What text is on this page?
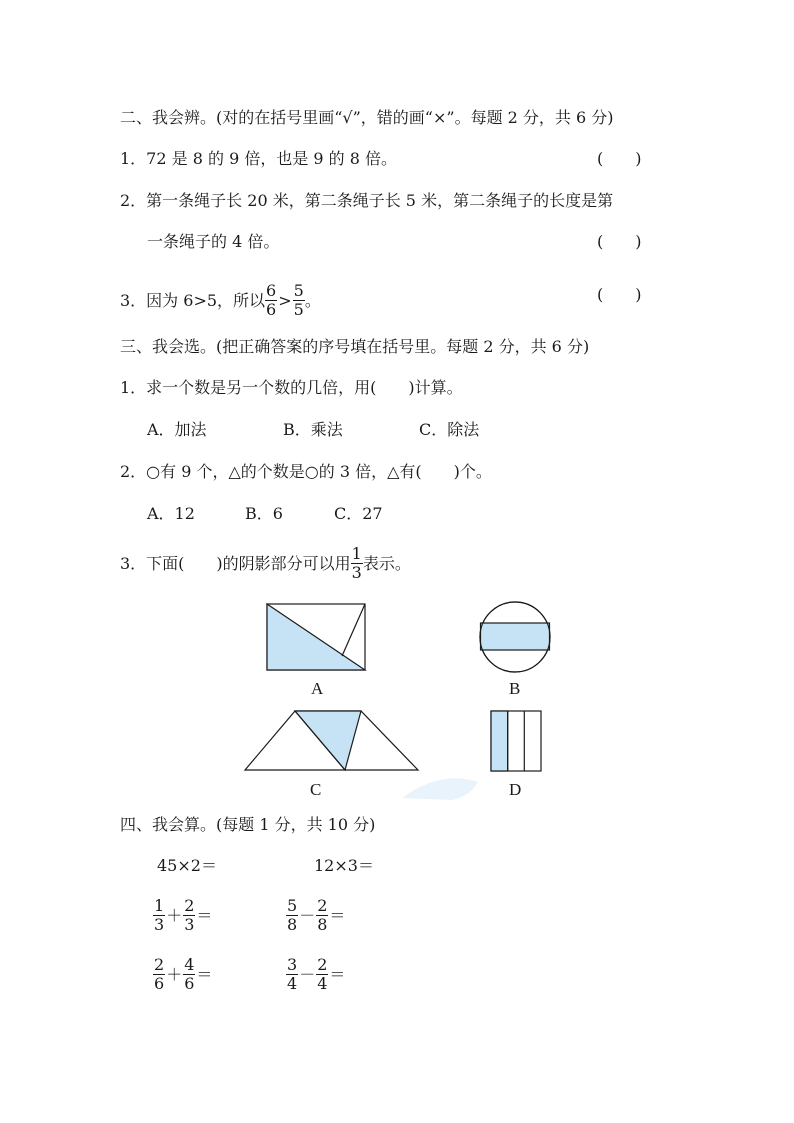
二、我会辨。(对的在括号里画“√”，错的画“×”。每题 2 分，共 6 分)
1．72 是 8 的 9 倍，也是 9 的 8 倍。	(　　)
2．第一条绳子长 20 米，第二条绳子长 5 米，第二条绳子的长度是第
一条绳子的 4 倍。	(　　)
3．因为 6>5，所以 $\frac{6}{6} > \frac{5}{5}$ 。	(　　)
三、我会选。(把正确答案的序号填在括号里。每题 2 分，共 6 分)
1．求一个数是另一个数的几倍，用(　　)计算。
A．加法	B．乘法	C．除法
2．○有 9 个，△的个数是○的 3 倍，△有(　　)个。
A．12	B．6	C．27
3．下面(　　)的阴影部分可以用 $\frac{1}{3}$ 表示。
A	B
C	D
四、我会算。(每题 1 分，共 10 分)
45×2＝	12×3＝
$\frac{1}{3} + \frac{2}{3}$ ＝	$\frac{5}{8} - \frac{2}{8}$ ＝
$\frac{2}{6} + \frac{4}{6}$ ＝	$\frac{3}{4} - \frac{2}{4}$ ＝
